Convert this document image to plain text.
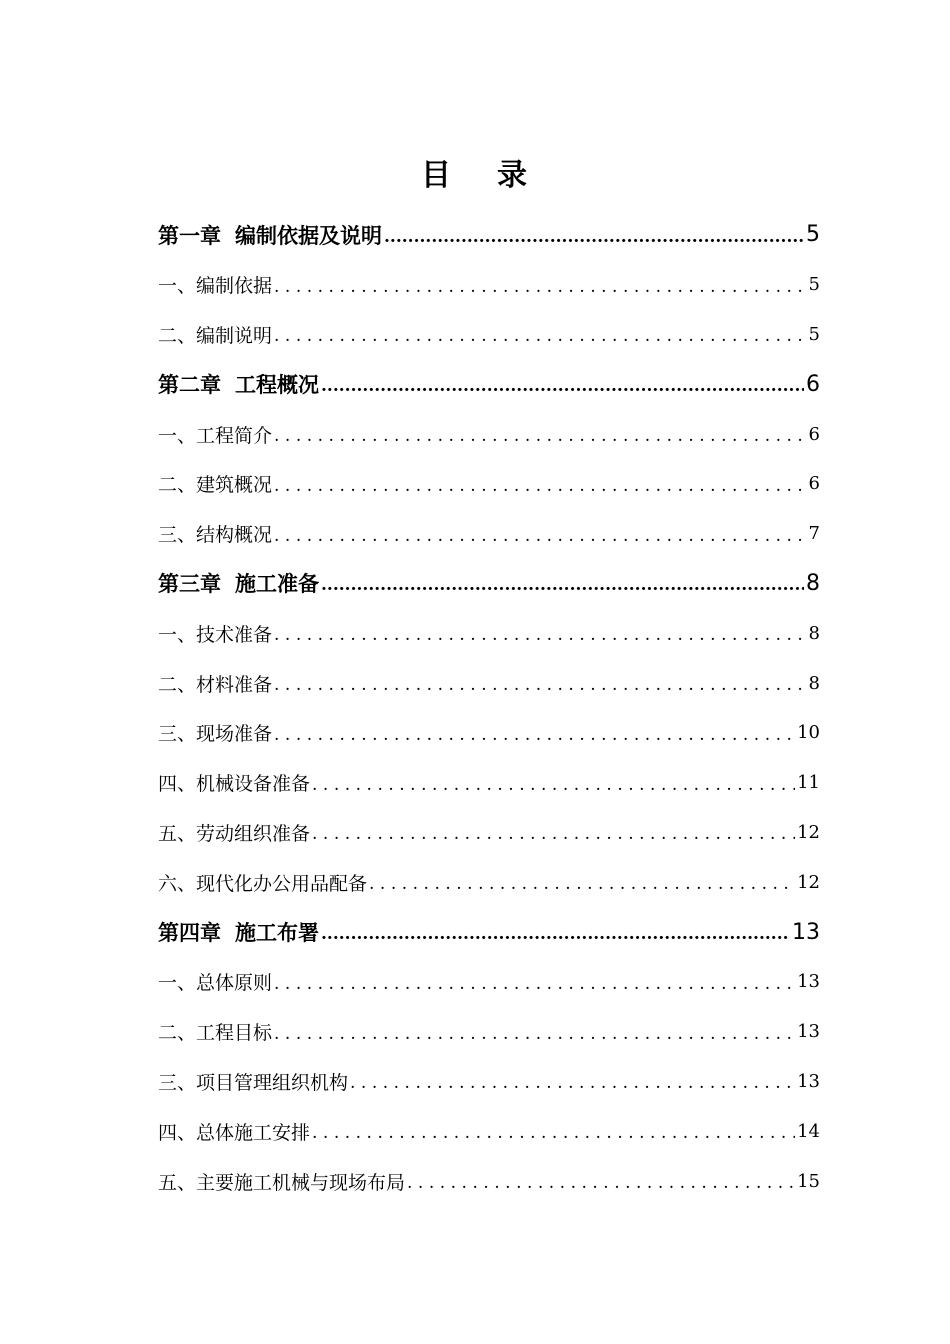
目 录
第一章 编制依据及说明 .....	5
一、编制依据 .....	5
二、编制说明 .....	5
第二章 工程概况 .....	6
一、工程简介 .....	6
二、建筑概况 .....	6
三、结构概况 .....	7
第三章 施工准备 .....	8
一、技术准备 .....	8
二、材料准备 .....	8
三、现场准备 .....	10
四、机械设备准备 .....	11
五、劳动组织准备 .....	12
六、现代化办公用品配备 .....	12
第四章 施工布署 .....	13
一、总体原则 .....	13
二、工程目标 .....	13
三、项目管理组织机构 .....	13
四、总体施工安排 .....	14
五、主要施工机械与现场布局 .....	15
